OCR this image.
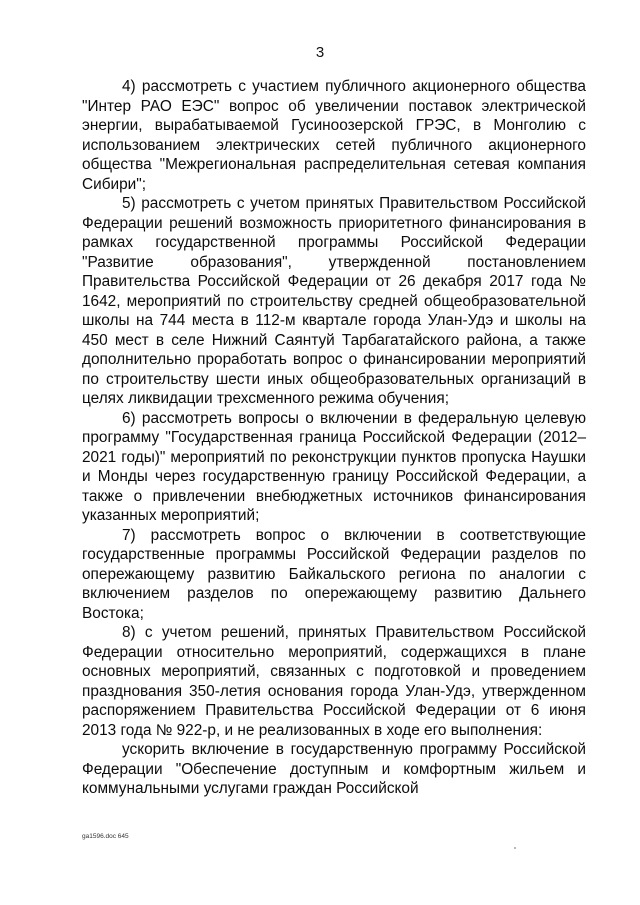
3

4) рассмотреть с участием публичного акционерного общества "Интер РАО ЕЭС" вопрос об увеличении поставок электрической энергии, вырабатываемой Гусиноозерской ГРЭС, в Монголию с использованием электрических сетей публичного акционерного общества "Межрегиональная распределительная сетевая компания Сибири";

5) рассмотреть с учетом принятых Правительством Российской Федерации решений возможность приоритетного финансирования в рамках государственной программы Российской Федерации "Развитие образования", утвержденной постановлением Правительства Российской Федерации от 26 декабря 2017 года № 1642, мероприятий по строительству средней общеобразовательной школы на 744 места в 112-м квартале города Улан-Удэ и школы на 450 мест в селе Нижний Саянтуй Тарбагатайского района, а также дополнительно проработать вопрос о финансировании мероприятий по строительству шести иных общеобразовательных организаций в целях ликвидации трехсменного режима обучения;

6) рассмотреть вопросы о включении в федеральную целевую программу "Государственная граница Российской Федерации (2012–2021 годы)" мероприятий по реконструкции пунктов пропуска Наушки и Монды через государственную границу Российской Федерации, а также о привлечении внебюджетных источников финансирования указанных мероприятий;

7) рассмотреть вопрос о включении в соответствующие государственные программы Российской Федерации разделов по опережающему развитию Байкальского региона по аналогии с включением разделов по опережающему развитию Дальнего Востока;

8) с учетом решений, принятых Правительством Российской Федерации относительно мероприятий, содержащихся в плане основных мероприятий, связанных с подготовкой и проведением празднования 350-летия основания города Улан-Удэ, утвержденном распоряжением Правительства Российской Федерации от 6 июня 2013 года № 922-р, и не реализованных в ходе его выполнения:

ускорить включение в государственную программу Российской Федерации "Обеспечение доступным и комфортным жильем и коммунальными услугами граждан Российской

ga1596.doc 645
